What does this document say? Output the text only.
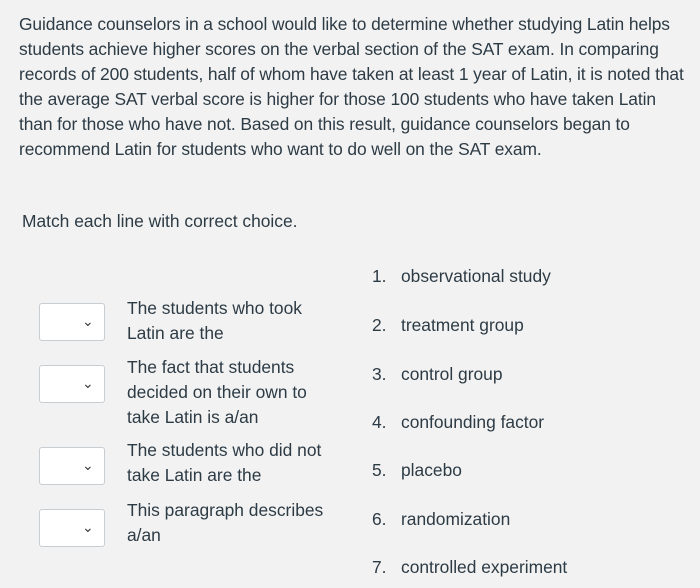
Guidance counselors in a school would like to determine whether studying Latin helps students achieve higher scores on the verbal section of the SAT exam. In comparing records of 200 students, half of whom have taken at least 1 year of Latin, it is noted that the average SAT verbal score is higher for those 100 students who have taken Latin than for those who have not. Based on this result, guidance counselors began to recommend Latin for students who want to do well on the SAT exam.

Match each line with correct choice.

⌄
The students who took Latin are the
⌄
The fact that students decided on their own to take Latin is a/an
⌄
The students who did not take Latin are the
⌄
This paragraph describes a/an
1. observational study
2. treatment group
3. control group
4. confounding factor
5. placebo
6. randomization
7. controlled experiment
